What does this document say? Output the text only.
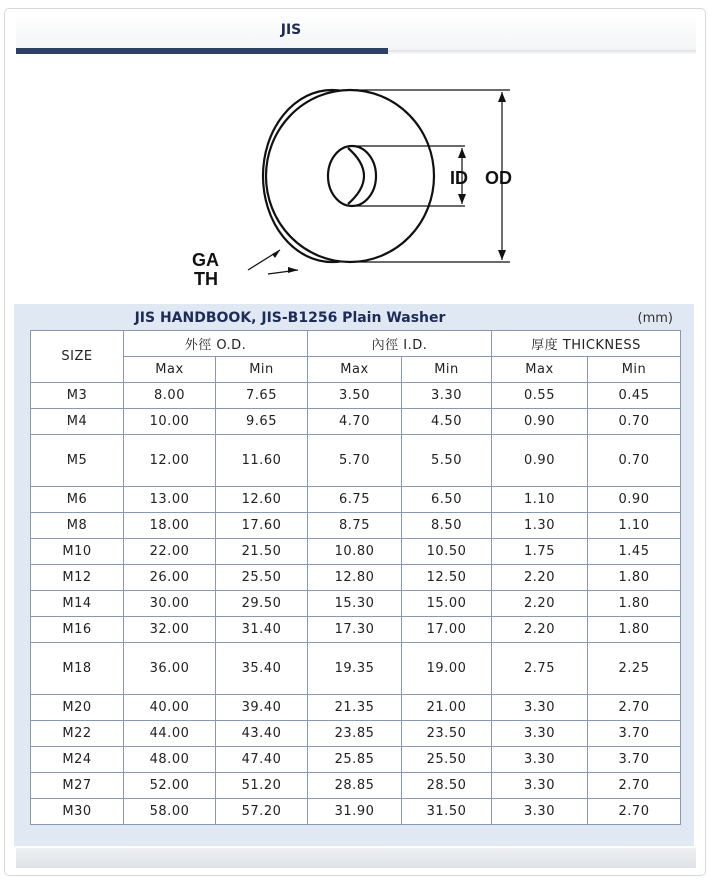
JIS
ID OD
GA
TH
JIS HANDBOOK, JIS-B1256 Plain Washer	(mm)
SIZE	外徑 O.D.		內徑 I.D.		厚度 THICKNESS	
	Max	Min	Max	Min	Max	Min
M3	8.00	7.65	3.50	3.30	0.55	0.45
M4	10.00	9.65	4.70	4.50	0.90	0.70
M5	12.00	11.60	5.70	5.50	0.90	0.70
M6	13.00	12.60	6.75	6.50	1.10	0.90
M8	18.00	17.60	8.75	8.50	1.30	1.10
M10	22.00	21.50	10.80	10.50	1.75	1.45
M12	26.00	25.50	12.80	12.50	2.20	1.80
M14	30.00	29.50	15.30	15.00	2.20	1.80
M16	32.00	31.40	17.30	17.00	2.20	1.80
M18	36.00	35.40	19.35	19.00	2.75	2.25
M20	40.00	39.40	21.35	21.00	3.30	2.70
M22	44.00	43.40	23.85	23.50	3.30	3.70
M24	48.00	47.40	25.85	25.50	3.30	3.70
M27	52.00	51.20	28.85	28.50	3.30	2.70
M30	58.00	57.20	31.90	31.50	3.30	2.70
